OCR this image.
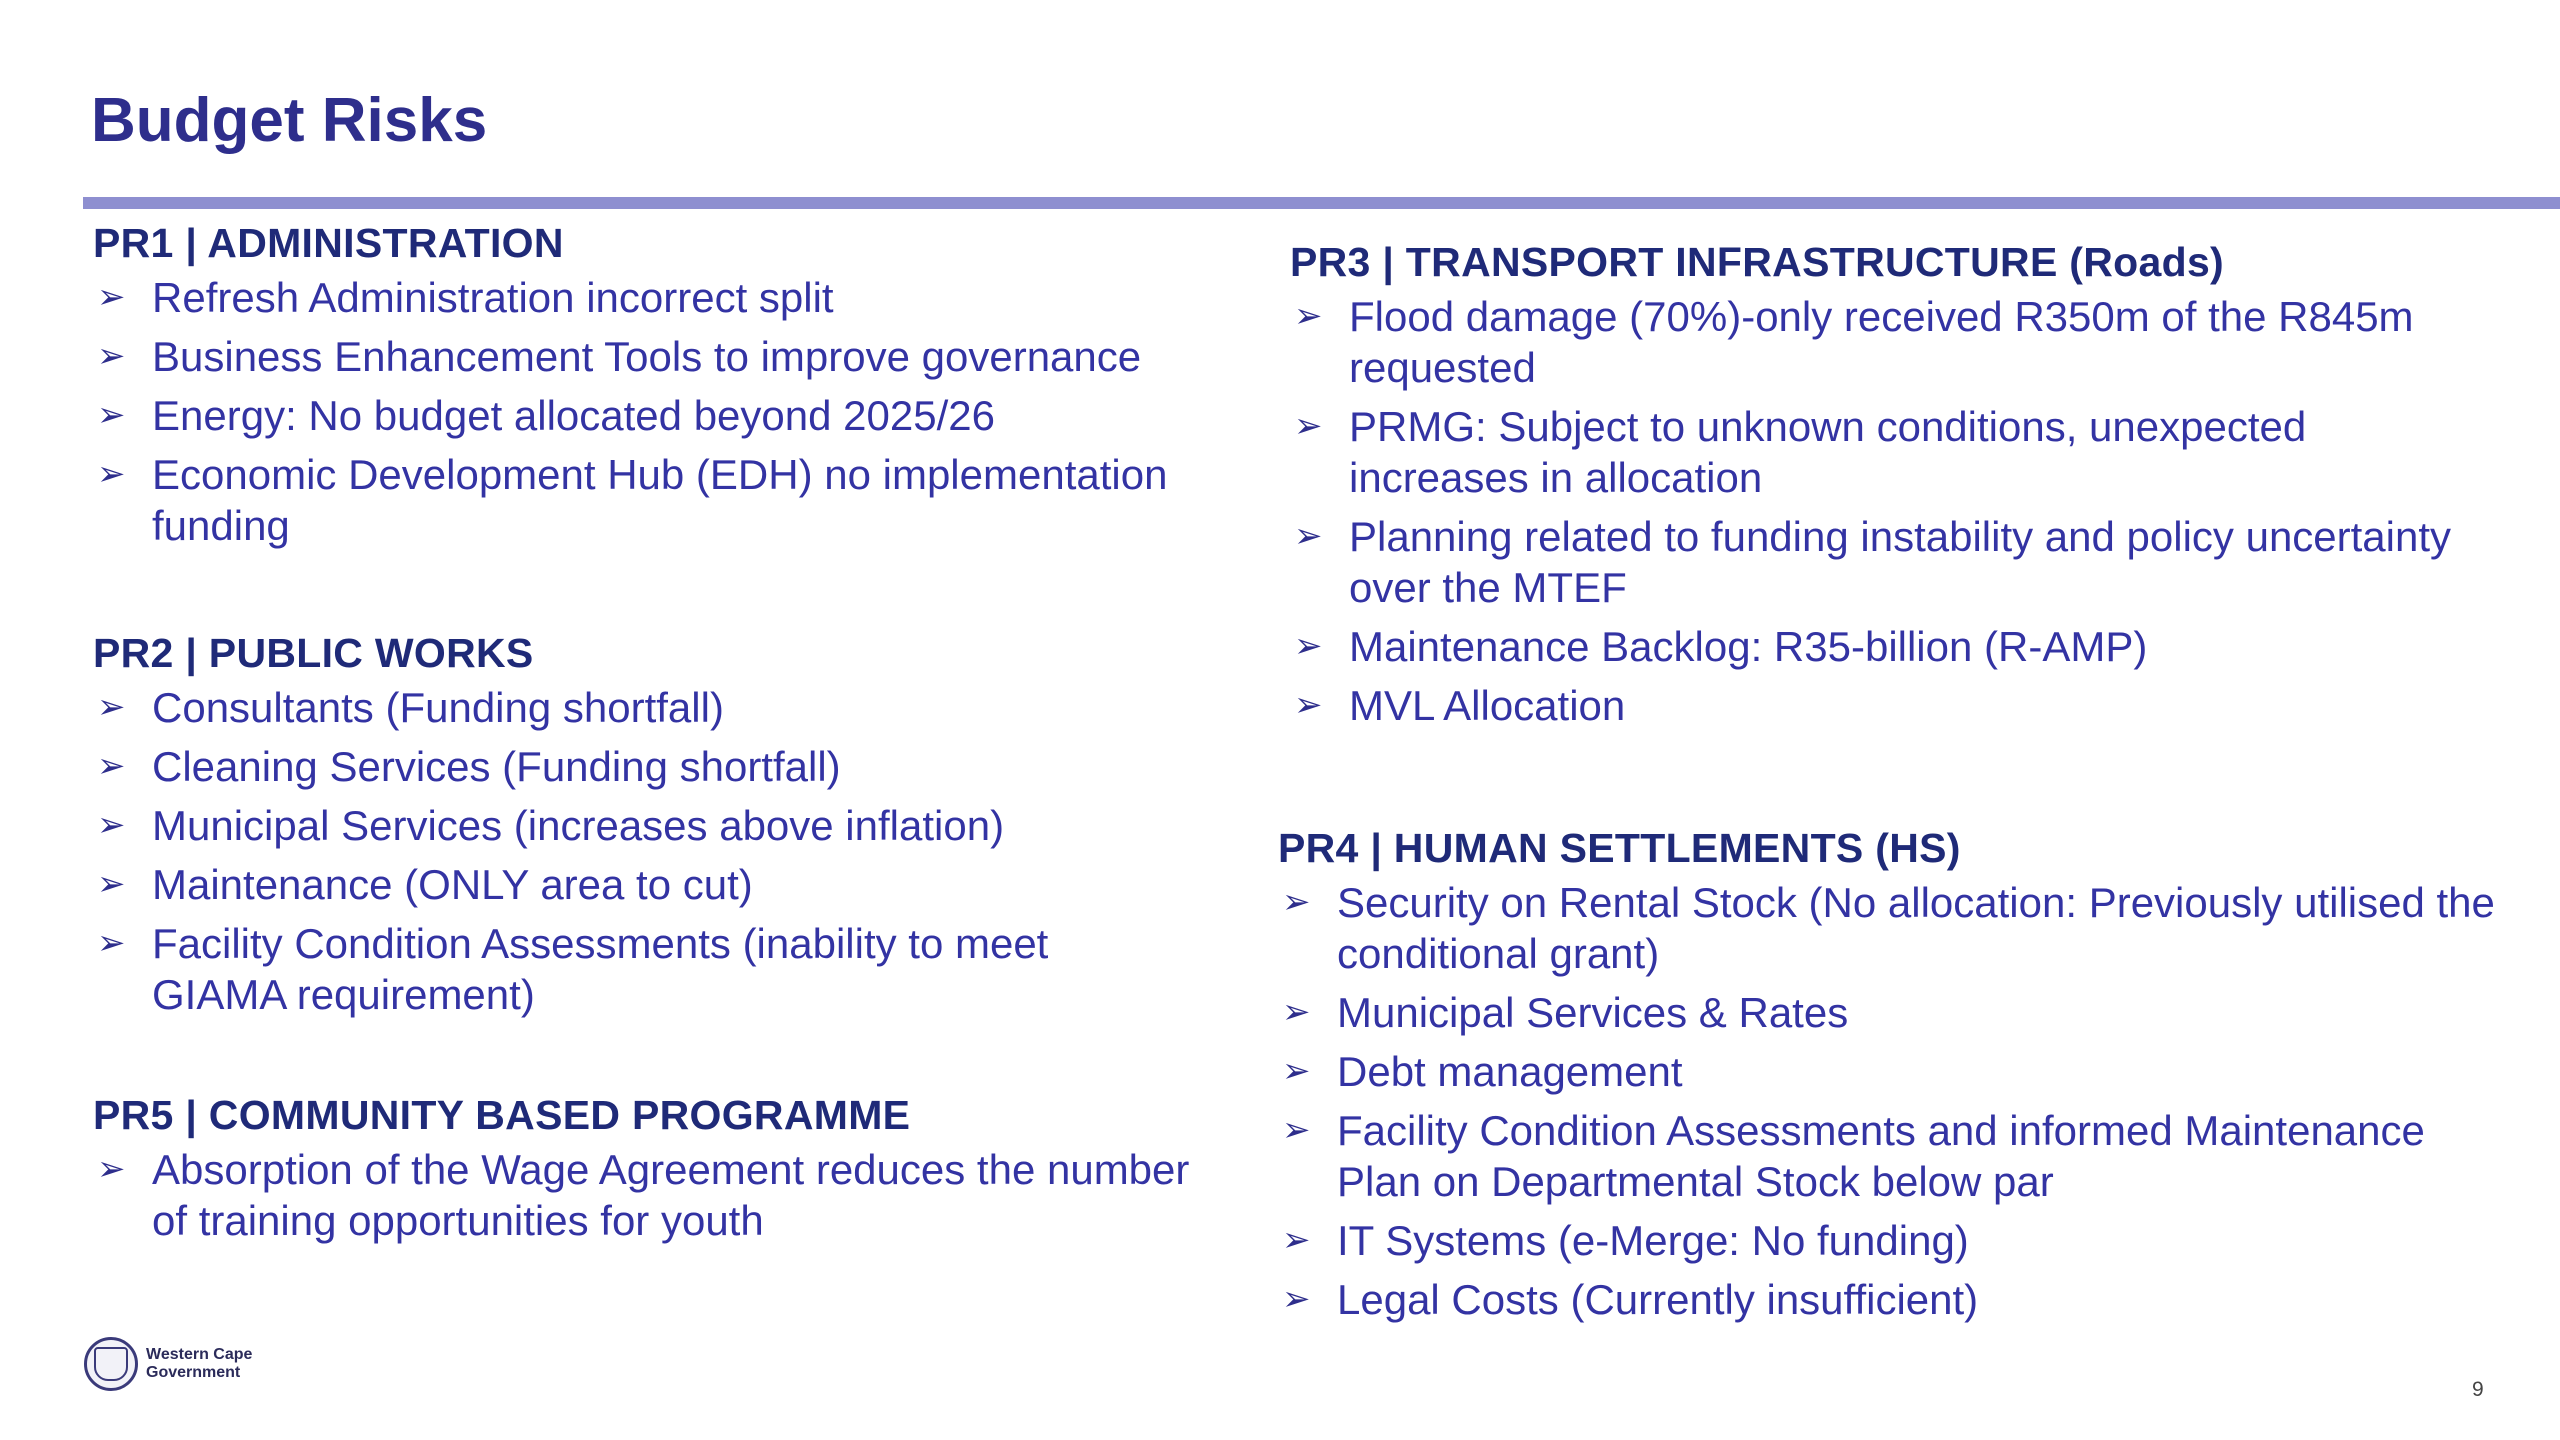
Budget Risks
PR1 | ADMINISTRATION
➢ Refresh Administration incorrect split
➢ Business Enhancement Tools to improve governance
➢ Energy: No budget allocated beyond 2025/26
➢ Economic Development Hub (EDH) no implementation funding
PR2 | PUBLIC WORKS
➢ Consultants (Funding shortfall)
➢ Cleaning Services (Funding shortfall)
➢ Municipal Services (increases above inflation)
➢ Maintenance (ONLY area to cut)
➢ Facility Condition Assessments (inability to meet GIAMA requirement)
PR5 | COMMUNITY BASED PROGRAMME
➢ Absorption of the Wage Agreement reduces the number of training opportunities for youth
PR3 | TRANSPORT INFRASTRUCTURE (Roads)
➢ Flood damage (70%)-only received R350m of the R845m requested
➢ PRMG: Subject to unknown conditions, unexpected increases in allocation
➢ Planning related to funding instability and policy uncertainty over the MTEF
➢ Maintenance Backlog: R35-billion (R-AMP)
➢ MVL Allocation
PR4 | HUMAN SETTLEMENTS (HS)
➢ Security on Rental Stock (No allocation: Previously utilised the conditional grant)
➢ Municipal Services & Rates
➢ Debt management
➢ Facility Condition Assessments and informed Maintenance Plan on Departmental Stock below par
➢ IT Systems (e-Merge: No funding)
➢ Legal Costs (Currently insufficient)
Western Cape
Government
9
